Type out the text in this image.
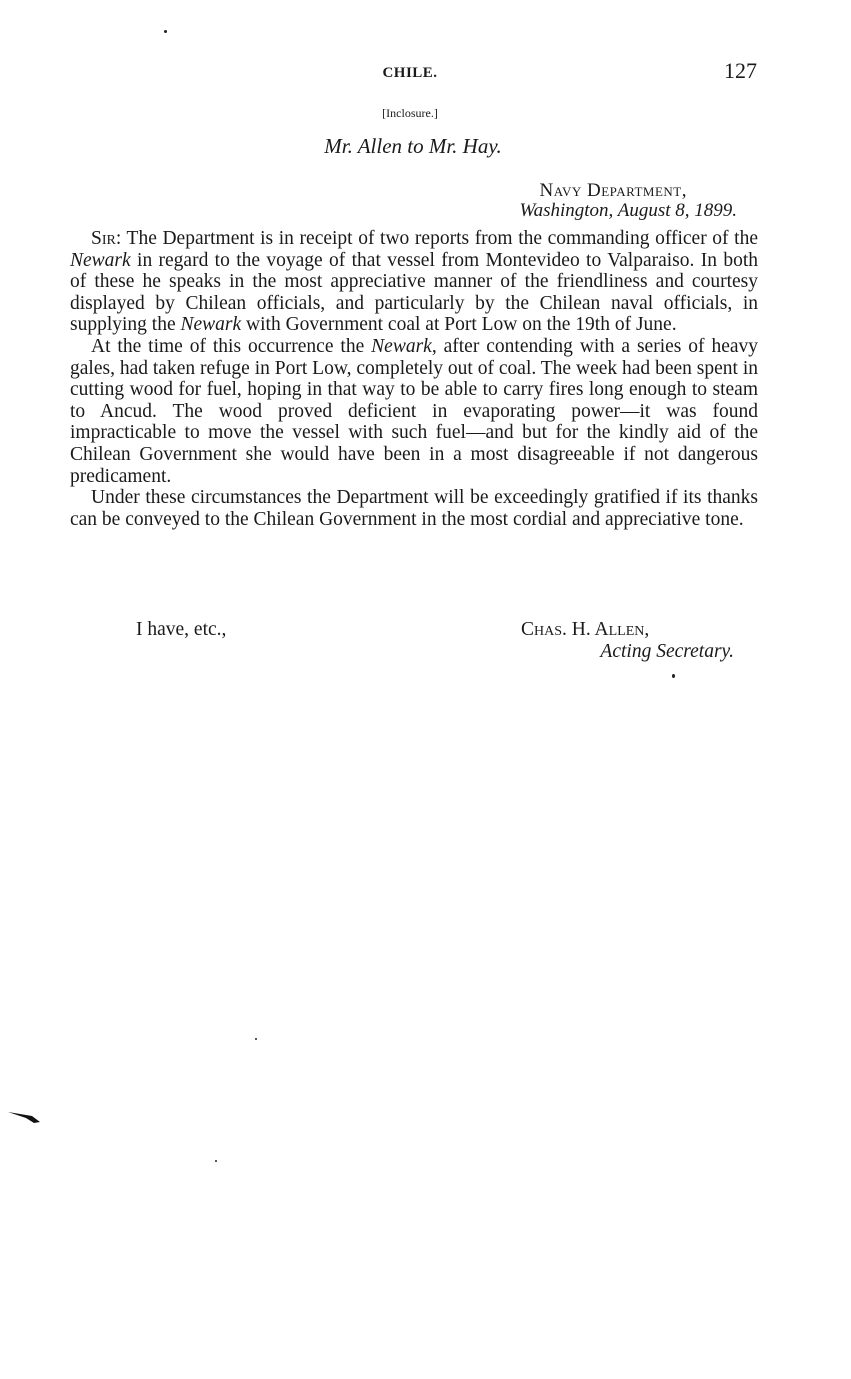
CHILE.	127
[Inclosure.]
Mr. Allen to Mr. Hay.
Navy Department,
Washington, August 8, 1899.

Sir: The Department is in receipt of two reports from the commanding officer of the Newark in regard to the voyage of that vessel from Montevideo to Valparaiso. In both of these he speaks in the most appreciative manner of the friendliness and courtesy displayed by Chilean officials, and particularly by the Chilean naval officials, in supplying the Newark with Government coal at Port Low on the 19th of June.

At the time of this occurrence the Newark, after contending with a series of heavy gales, had taken refuge in Port Low, completely out of coal. The week had been spent in cutting wood for fuel, hoping in that way to be able to carry fires long enough to steam to Ancud. The wood proved deficient in evaporating power—it was found impracticable to move the vessel with such fuel—and but for the kindly aid of the Chilean Government she would have been in a most disagreeable if not dangerous predicament.

Under these circumstances the Department will be exceedingly gratified if its thanks can be conveyed to the Chilean Government in the most cordial and appreciative tone.

I have, etc.,	Chas. H. Allen,
Acting Secretary.
